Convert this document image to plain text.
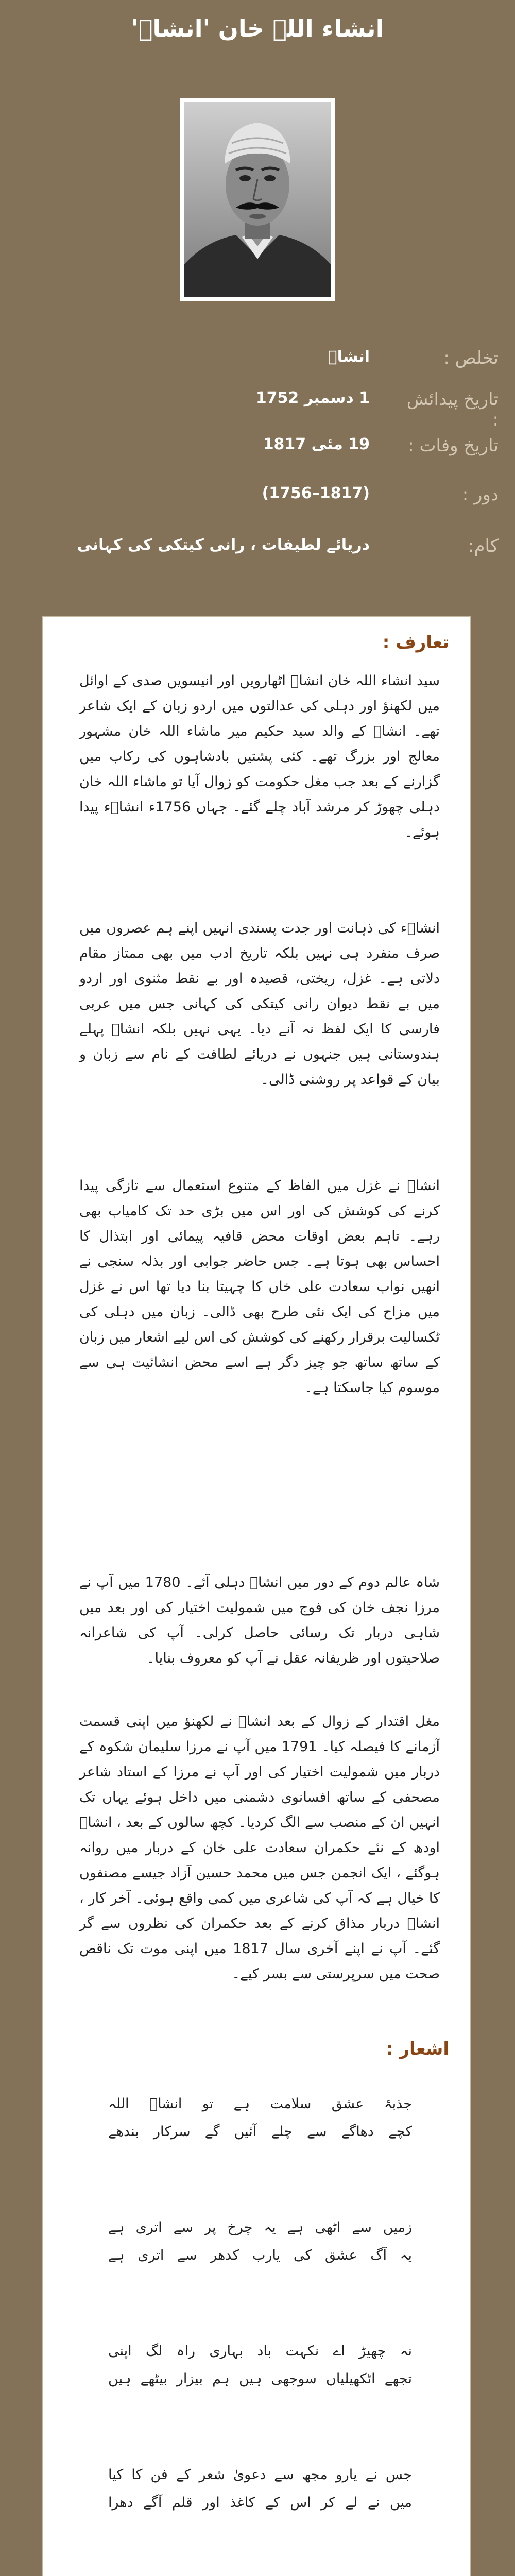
انشاء اللہ خان 'انشاؔ'
تخلص :
انشاؔ
تاریخ پیدائش :
1 دسمبر 1752
تاریخ وفات :
19 مئی 1817
دور :
(1817–1756)
کام:
دریائے لطیفات ، رانی کیتکی کی کہانی
تعارف :

سید انشاء اللہ خان انشاؔ اٹھارویں اور انیسویں صدی کے اوائل میں لکھنؤ اور دہلی کی عدالتوں میں اردو زبان کے ایک شاعر تھے۔ انشاؔ کے والد سید حکیم میر ماشاء اللہ خان مشہور معالج اور بزرگ تھے۔ کئی پشتیں بادشاہوں کی رکاب میں گزارنے کے بعد جب مغل حکومت کو زوال آیا تو ماشاء اللہ خان دہلی چھوڑ کر مرشد آباد چلے گئے۔ جہاں 1756ء انشاؔء پیدا ہوئے۔

انشاؔء کی ذہانت اور جدت پسندی انہیں اپنے ہم عصروں میں صرف منفرد ہی نہیں بلکہ تاریخ ادب میں بھی ممتاز مقام دلاتی ہے۔ غزل، ریختی، قصیدہ اور بے نقط مثنوی اور اردو میں بے نقط دیوان رانی کیتکی کی کہانی جس میں عربی فارسی کا ایک لفظ نہ آنے دیا۔ یہی نہیں بلکہ انشاؔ پہلے ہندوستانی ہیں جنہوں نے دریائے لطافت کے نام سے زبان و بیان کے قواعد پر روشنی ڈالی۔

انشاؔ نے غزل میں الفاظ کے متنوع استعمال سے تازگی پیدا کرنے کی کوشش کی اور اس میں بڑی حد تک کامیاب بھی رہے۔ تاہم بعض اوقات محض قافیہ پیمائی اور ابتذال کا احساس بھی ہوتا ہے۔ جس حاضر جوابی اور بذلہ سنجی نے انھیں نواب سعادت علی خاں کا چہیتا بنا دیا تھا اس نے غزل میں مزاح کی ایک نئی طرح بھی ڈالی۔ زبان میں دہلی کی ٹکسالیت برقرار رکھنے کی کوشش کی اس لیے اشعار میں زبان کے ساتھ ساتھ جو چیز دگر ہے اسے محض انشائیت ہی سے موسوم کیا جاسکتا ہے۔

شاہ عالم دوم کے دور میں انشاؔ دہلی آئے۔ 1780 میں آپ نے مرزا نجف خان کی فوج میں شمولیت اختیار کی اور بعد میں شاہی دربار تک رسائی حاصل کرلی۔ آپ کی شاعرانہ صلاحیتوں اور ظریفانہ عقل نے آپ کو معروف بنایا۔

مغل اقتدار کے زوال کے بعد انشاؔ نے لکھنؤ میں اپنی قسمت آزمانے کا فیصلہ کیا۔ 1791 میں آپ نے مرزا سلیمان شکوہ کے دربار میں شمولیت اختیار کی اور آپ نے مرزا کے استاد شاعر مصحفی کے ساتھ افسانوی دشمنی میں داخل ہوئے یہاں تک انہیں ان کے منصب سے الگ کردیا۔ کچھ سالوں کے بعد ، انشاؔ اودھ کے نئے حکمران سعادت علی خان کے دربار میں روانہ ہوگئے ، ایک انجمن جس میں محمد حسین آزاد جیسے مصنفوں کا خیال ہے کہ آپ کی شاعری میں کمی واقع ہوئی۔ آخر کار ، انشاؔ دربار مذاق کرنے کے بعد حکمران کی نظروں سے گر گئے۔ آپ نے اپنے آخری سال 1817 میں اپنی موت تک ناقص صحت میں سرپرستی سے بسر کیے۔

اشعار :
جذبۂ عشق سلامت ہے تو انشاؔ اللہ
کچے دھاگے سے چلے آئیں گے سرکار بندھے
زمیں سے اٹھی ہے یہ چرخ پر سے اتری ہے
یہ آگ عشق کی یارب کدھر سے اتری ہے
نہ چھیڑ اے نکہت باد بہاری راہ لگ اپنی
تجھے اٹکھیلیاں سوجھی ہیں ہم بیزار بیٹھے ہیں
جس نے یارو مجھ سے دعویٰ شعر کے فن کا کیا
میں نے لے کر اس کے کاغذ اور قلم آگے دھرا
